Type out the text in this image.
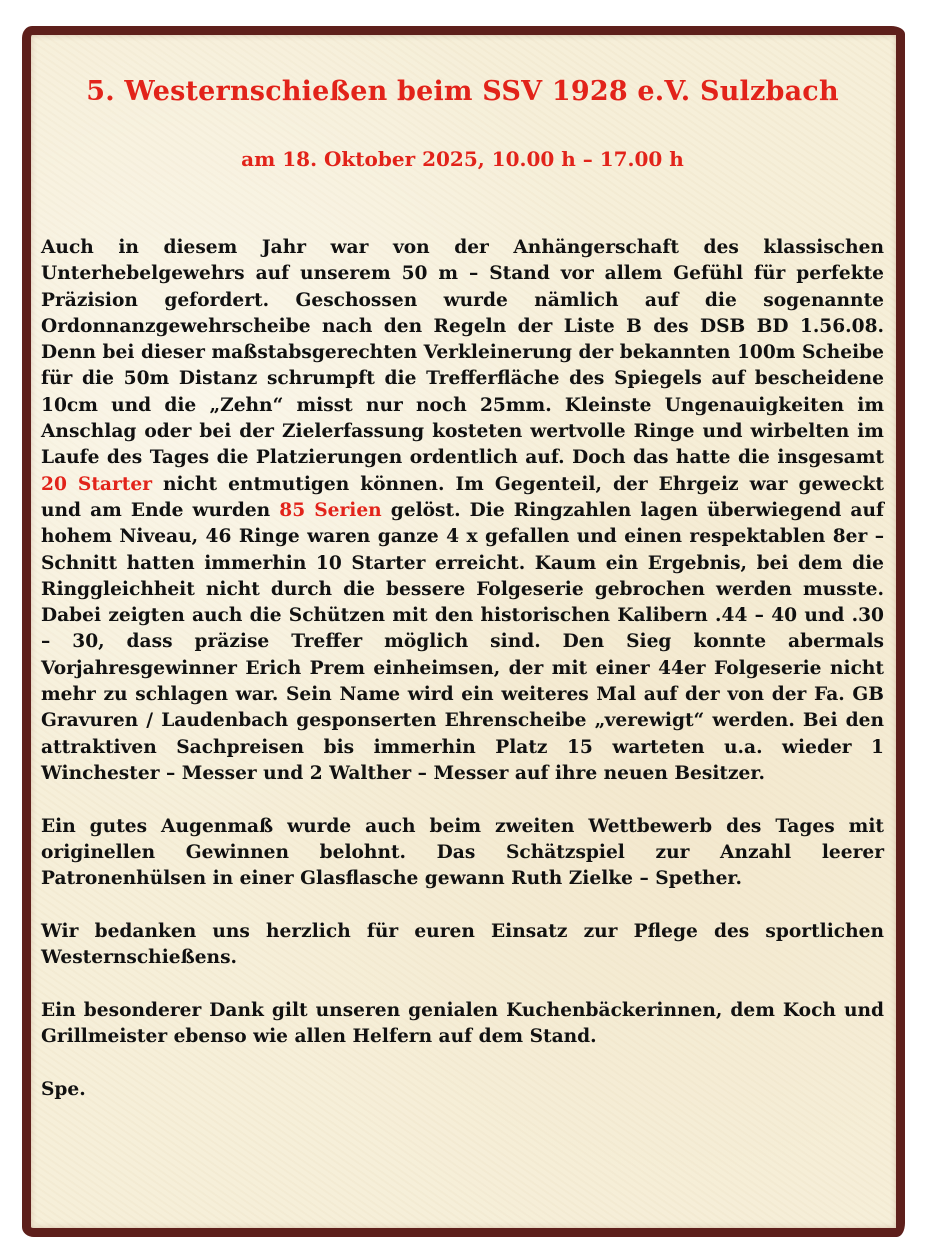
5. Westernschießen beim SSV 1928 e.V. Sulzbach
am 18. Oktober 2025, 10.00 h – 17.00 h

Auch in diesem Jahr war von der Anhängerschaft des klassischen Unterhebelgewehrs auf unserem 50 m – Stand vor allem Gefühl für perfekte Präzision gefordert. Geschossen wurde nämlich auf die sogenannte Ordonnanzgewehrscheibe nach den Regeln der Liste B des DSB BD 1.56.08. Denn bei dieser maßstabsgerechten Verkleinerung der bekannten 100m Scheibe für die 50m Distanz schrumpft die Trefferfläche des Spiegels auf bescheidene 10cm und die „Zehn“ misst nur noch 25mm. Kleinste Ungenauigkeiten im Anschlag oder bei der Zielerfassung kosteten wertvolle Ringe und wirbelten im Laufe des Tages die Platzierungen ordentlich auf. Doch das hatte die insgesamt 20 Starter nicht entmutigen können. Im Gegenteil, der Ehrgeiz war geweckt und am Ende wurden 85 Serien gelöst. Die Ringzahlen lagen überwiegend auf hohem Niveau, 46 Ringe waren ganze 4 x gefallen und einen respektablen 8er – Schnitt hatten immerhin 10 Starter erreicht. Kaum ein Ergebnis, bei dem die Ringgleichheit nicht durch die bessere Folgeserie gebrochen werden musste. Dabei zeigten auch die Schützen mit den historischen Kalibern .44 – 40 und .30 – 30, dass präzise Treffer möglich sind. Den Sieg konnte abermals Vorjahresgewinner Erich Prem einheimsen, der mit einer 44er Folgeserie nicht mehr zu schlagen war. Sein Name wird ein weiteres Mal auf der von der Fa. GB Gravuren / Laudenbach gesponserten Ehrenscheibe „verewigt“ werden. Bei den attraktiven Sachpreisen bis immerhin Platz 15 warteten u.a. wieder 1 Winchester – Messer und 2 Walther – Messer auf ihre neuen Besitzer.

Ein gutes Augenmaß wurde auch beim zweiten Wettbewerb des Tages mit originellen Gewinnen belohnt. Das Schätzspiel zur Anzahl leerer Patronenhülsen in einer Glasflasche gewann Ruth Zielke – Spether.

Wir bedanken uns herzlich für euren Einsatz zur Pflege des sportlichen Westernschießens.

Ein besonderer Dank gilt unseren genialen Kuchenbäckerinnen, dem Koch und Grillmeister ebenso wie allen Helfern auf dem Stand.

Spe.
